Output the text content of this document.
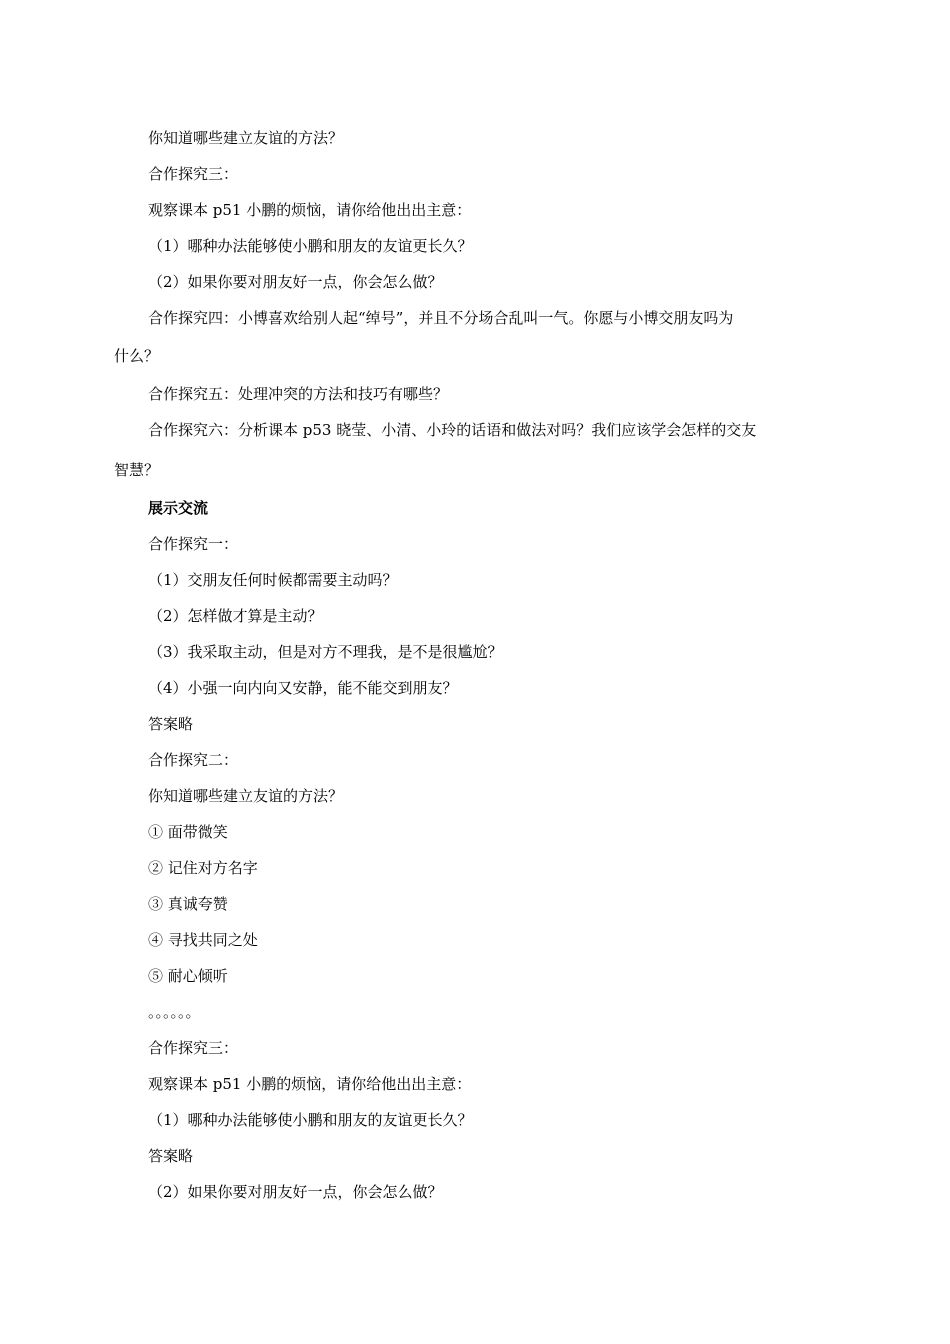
你知道哪些建立友谊的方法？

合作探究三：

观察课本 p51 小鹏的烦恼，请你给他出出主意：

（1）哪种办法能够使小鹏和朋友的友谊更长久？

（2）如果你要对朋友好一点，你会怎么做？

合作探究四：小博喜欢给别人起“绰号”，并且不分场合乱叫一气。你愿与小博交朋友吗为

什么？

合作探究五：处理冲突的方法和技巧有哪些？

合作探究六：分析课本 p53 晓莹、小清、小玲的话语和做法对吗？我们应该学会怎样的交友

智慧？

展示交流

合作探究一：

（1）交朋友任何时候都需要主动吗？

（2）怎样做才算是主动？

（3）我采取主动，但是对方不理我，是不是很尴尬？

（4）小强一向内向又安静，能不能交到朋友？

答案略

合作探究二：

你知道哪些建立友谊的方法？

① 面带微笑

② 记住对方名字

③ 真诚夸赞

④ 寻找共同之处

⑤ 耐心倾听

。。。。。。

合作探究三：

观察课本 p51 小鹏的烦恼，请你给他出出主意：

（1）哪种办法能够使小鹏和朋友的友谊更长久？

答案略

（2）如果你要对朋友好一点，你会怎么做？
